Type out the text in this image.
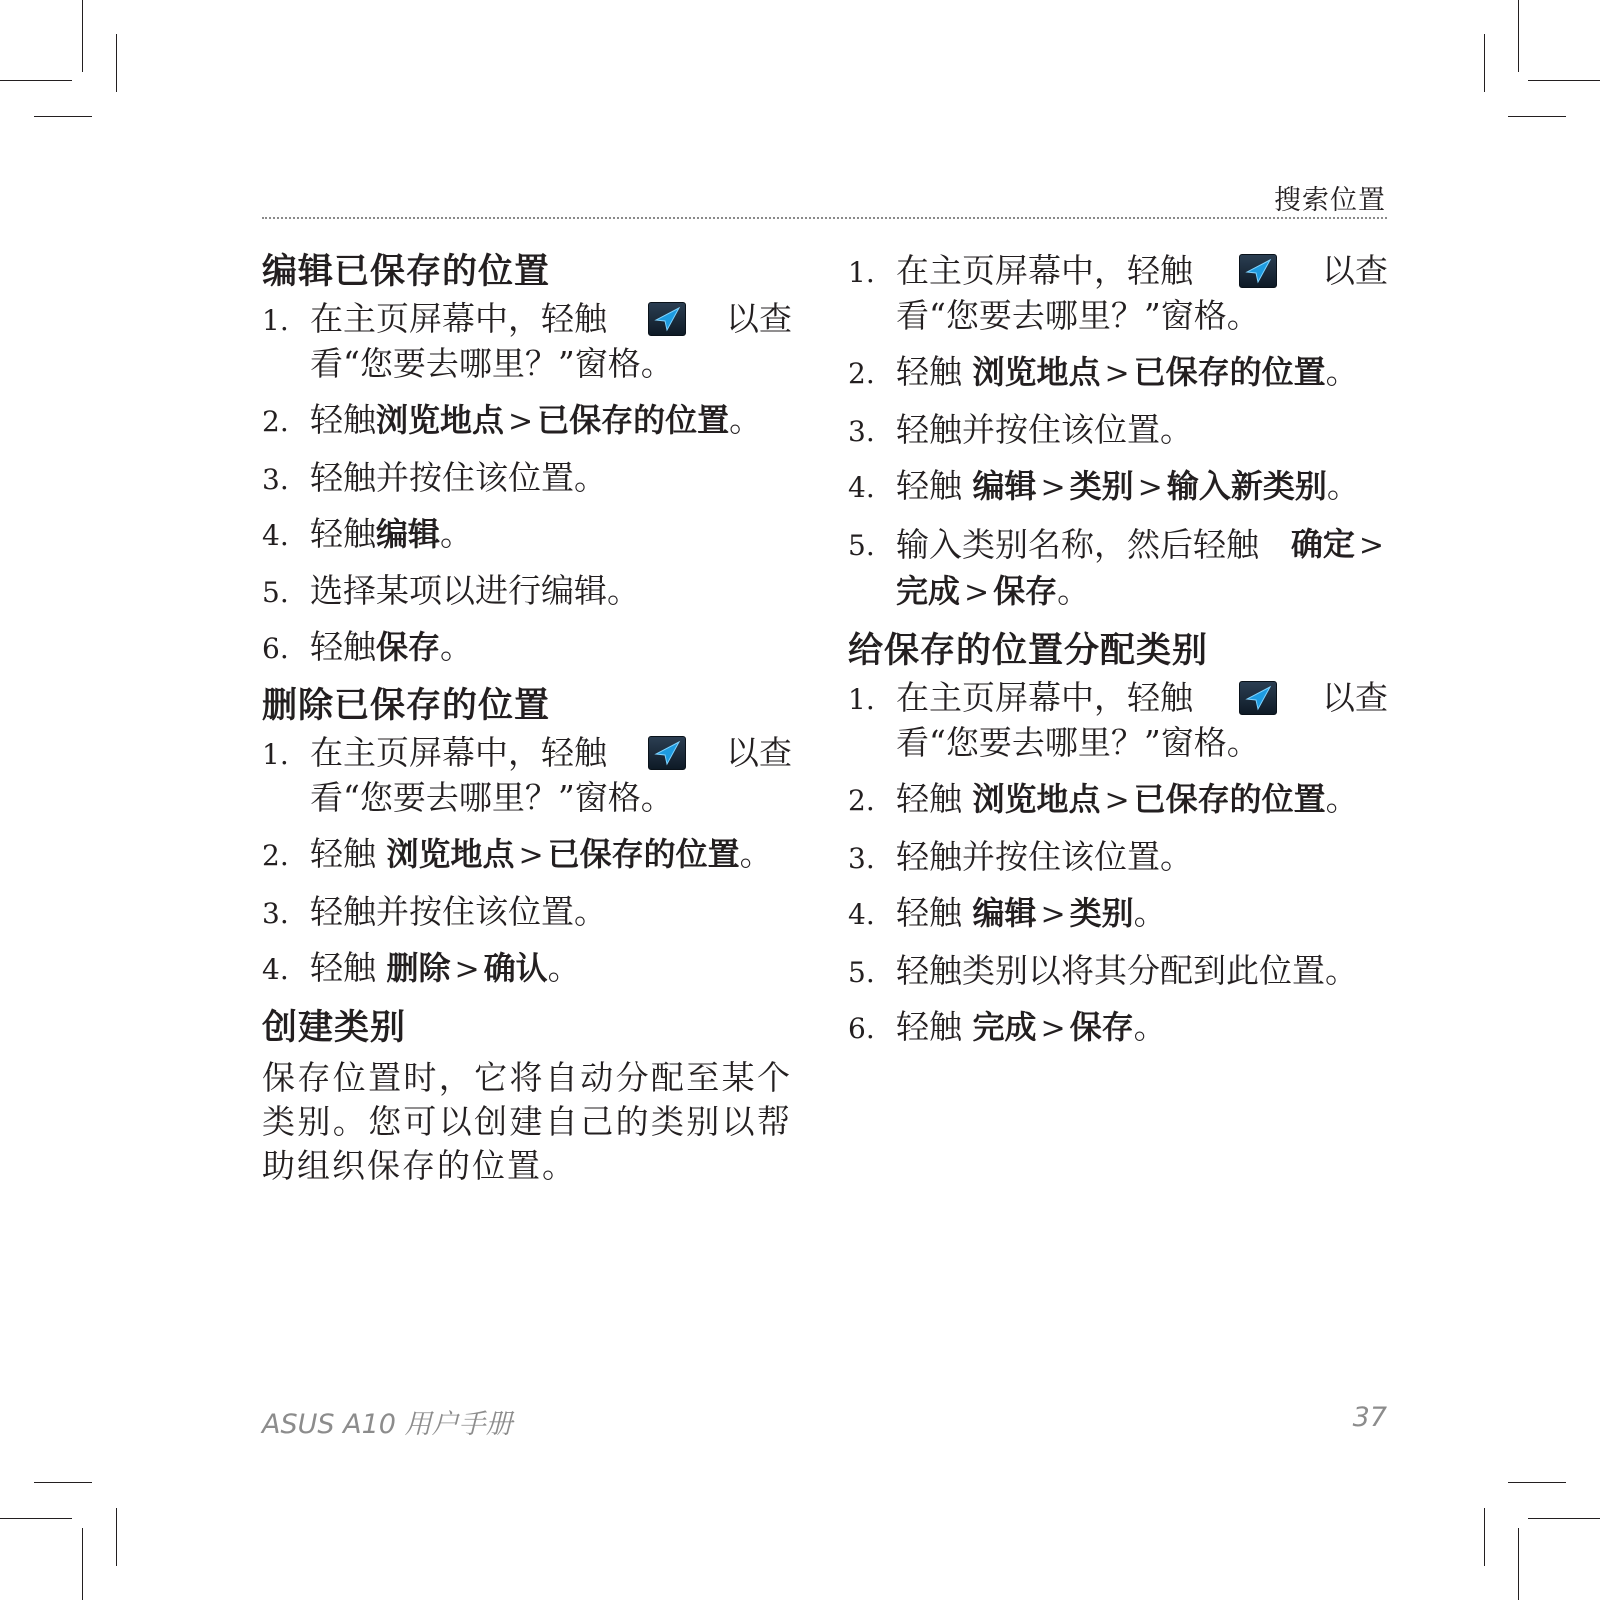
搜索位置
编辑已保存的位置
1. 在主页屏幕中，轻触	以查
看“您要去哪里？”窗格。
2. 轻触浏览地点 > 已保存的位置。
3. 轻触并按住该位置。
4. 轻触编辑。
5. 选择某项以进行编辑。
6. 轻触保存。
删除已保存的位置
1. 在主页屏幕中，轻触	以查
看“您要去哪里？”窗格。
2. 轻触 浏览地点 > 已保存的位置。
3. 轻触并按住该位置。
4. 轻触 删除 > 确认。
创建类别

保存位置时，它将自动分配至某个类别。您可以创建自己的类别以帮助组织保存的位置。

1. 在主页屏幕中，轻触	以查
看“您要去哪里？”窗格。
2. 轻触 浏览地点 > 已保存的位置。
3. 轻触并按住该位置。
4. 轻触 编辑 > 类别 > 输入新类别。
5. 输入类别名称，然后轻触 确定 >
完成 > 保存。
给保存的位置分配类别
1. 在主页屏幕中，轻触	以查
看“您要去哪里？”窗格。
2. 轻触 浏览地点 > 已保存的位置。
3. 轻触并按住该位置。
4. 轻触 编辑 > 类别。
5. 轻触类别以将其分配到此位置。
6. 轻触 完成 > 保存。
ASUS A10 用户手册	37
